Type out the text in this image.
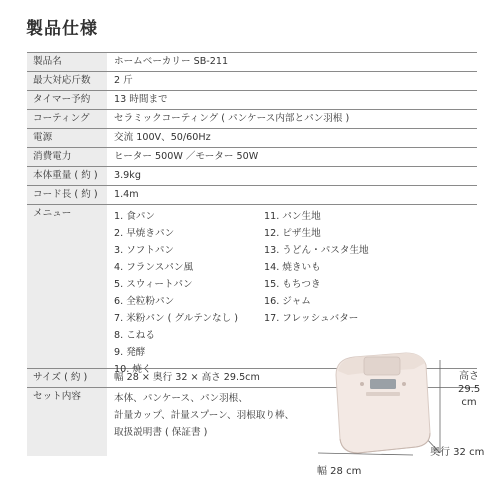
製品仕様
製品名	ホームベーカリー SB-211
最大対応斤数	2 斤
タイマー予約	13 時間まで
コーティング	セラミックコーティング ( パンケース内部とパン羽根 )
電源	交流 100V、50/60Hz
消費電力	ヒーター 500W ／モーター 50W
本体重量 ( 約 )	3.9kg
コード長 ( 約 )	1.4m
メニュー	1. 食パン
2. 早焼きパン
3. ソフトパン
4. フランスパン風
5. スウィートパン
6. 全粒粉パン
7. 米粉パン ( グルテンなし )
8. こねる
9. 発酵
10. 焼く
11. パン生地
12. ピザ生地
13. うどん・パスタ生地
14. 焼きいも
15. もちつき
16. ジャム
17. フレッシュバター
サイズ ( 約 )	幅 28 × 奥行 32 × 高さ 29.5cm
セット内容	本体、パンケース、パン羽根、
計量カップ、計量スプーン、羽根取り棒、
取扱説明書 ( 保証書 )
高さ
29.5
cm
奥行 32 cm
幅 28 cm
